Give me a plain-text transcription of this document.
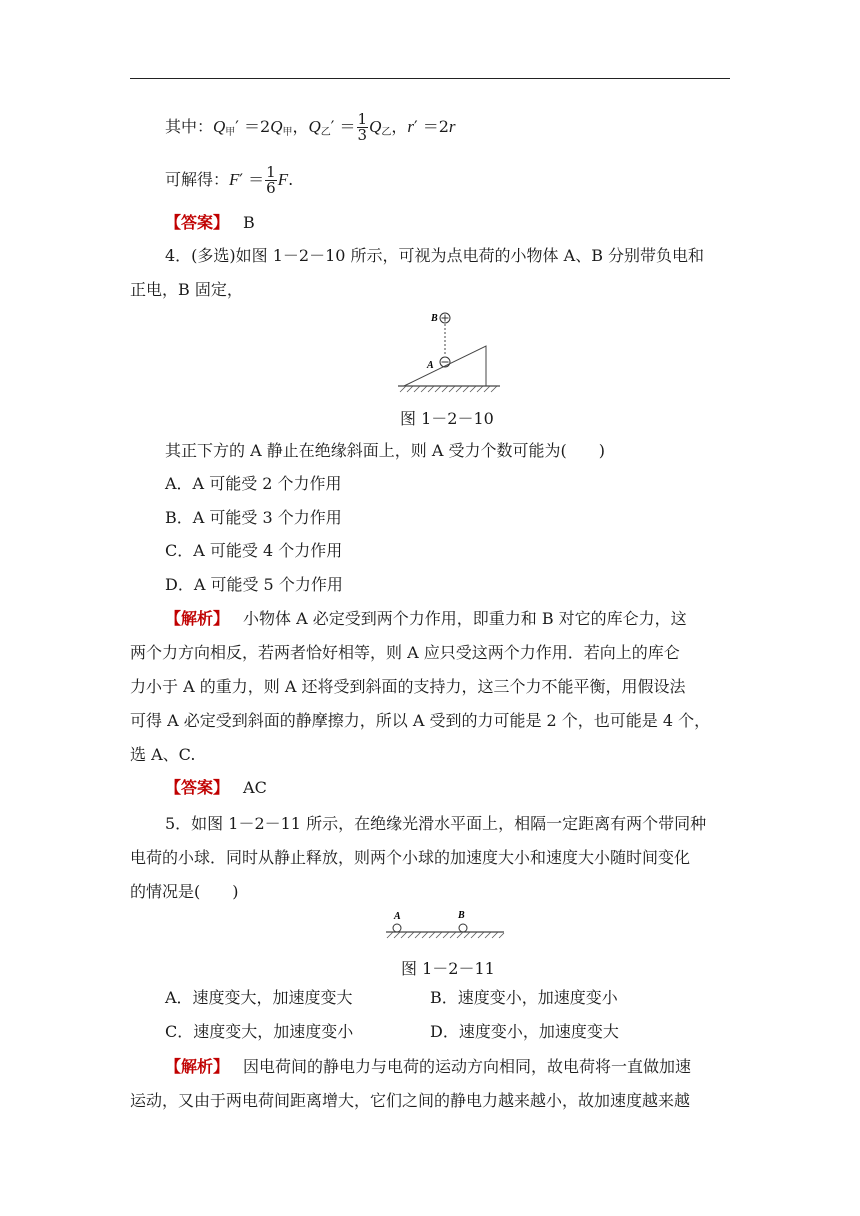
其中：$Q_甲' =2Q_甲$，$Q_乙' = \frac{1}{3} Q_乙$，r′ ＝2r
可解得：$F' = \frac{1}{6} F$.
【答案】 B
4．(多选)如图 1－2－10 所示，可视为点电荷的小物体 A、B 分别带负电和
正电，B 固定，
B
A
图 1－2－10
其正下方的 A 静止在绝缘斜面上，则 A 受力个数可能为(　　)
A．A 可能受 2 个力作用
B．A 可能受 3 个力作用
C．A 可能受 4 个力作用
D．A 可能受 5 个力作用
【解析】 小物体 A 必定受到两个力作用，即重力和 B 对它的库仑力，这
两个力方向相反，若两者恰好相等，则 A 应只受这两个力作用．若向上的库仑
力小于 A 的重力，则 A 还将受到斜面的支持力，这三个力不能平衡，用假设法
可得 A 必定受到斜面的静摩擦力，所以 A 受到的力可能是 2 个，也可能是 4 个，
选 A、C.
【答案】 AC
5．如图 1－2－11 所示，在绝缘光滑水平面上，相隔一定距离有两个带同种
电荷的小球．同时从静止释放，则两个小球的加速度大小和速度大小随时间变化
的情况是(　　)
A	B
图 1－2－11
A．速度变大，加速度变大	B．速度变小，加速度变小
C．速度变大，加速度变小	D．速度变小，加速度变大
【解析】 因电荷间的静电力与电荷的运动方向相同，故电荷将一直做加速
运动，又由于两电荷间距离增大，它们之间的静电力越来越小，故加速度越来越
